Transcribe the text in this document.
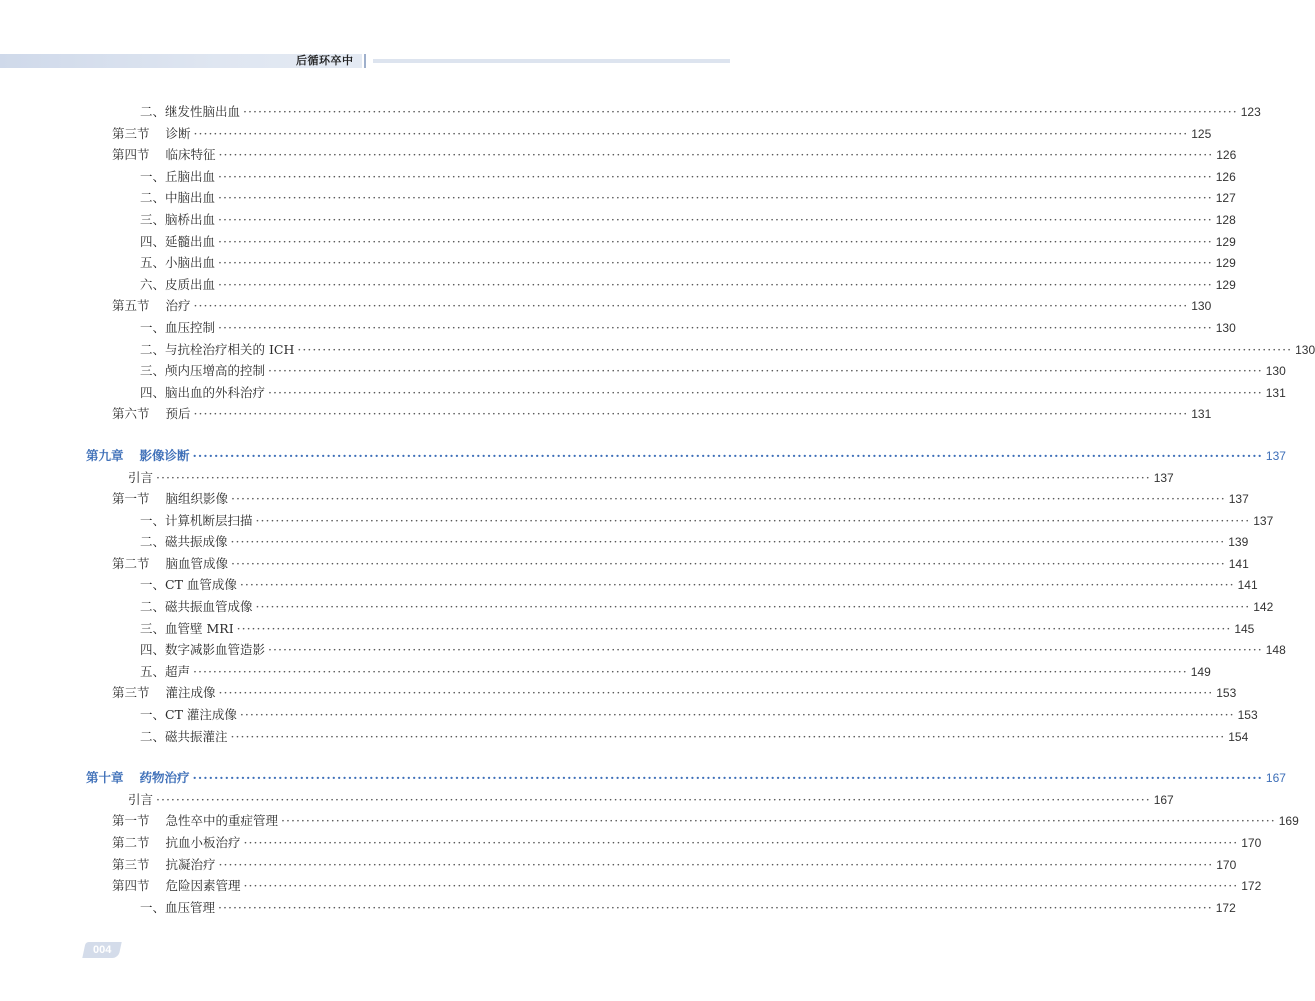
后循环卒中
二、 继发性脑出血 ········································································································································································································ 123
第三节 诊断 ········································································································································································································ 125
第四节 临床特征 ········································································································································································································ 126
一、 丘脑出血 ········································································································································································································ 126
二、 中脑出血 ········································································································································································································ 127
三、 脑桥出血 ········································································································································································································ 128
四、 延髓出血 ········································································································································································································ 129
五、 小脑出血 ········································································································································································································ 129
六、 皮质出血 ········································································································································································································ 129
第五节 治疗 ········································································································································································································ 130
一、 血压控制 ········································································································································································································ 130
二、 与抗栓治疗相关的 ICH ········································································································································································································ 130
三、 颅内压增高的控制 ········································································································································································································ 130
四、 脑出血的外科治疗 ········································································································································································································ 131
第六节 预后 ········································································································································································································ 131
第九章 影像诊断 ········································································································································································································ 137
引言 ········································································································································································································ 137
第一节 脑组织影像 ········································································································································································································ 137
一、 计算机断层扫描 ········································································································································································································ 137
二、 磁共振成像 ········································································································································································································ 139
第二节 脑血管成像 ········································································································································································································ 141
一、 CT 血管成像 ········································································································································································································ 141
二、 磁共振血管成像 ········································································································································································································ 142
三、 血管壁 MRI ········································································································································································································ 145
四、 数字减影血管造影 ········································································································································································································ 148
五、 超声 ········································································································································································································ 149
第三节 灌注成像 ········································································································································································································ 153
一、 CT 灌注成像 ········································································································································································································ 153
二、 磁共振灌注 ········································································································································································································ 154
第十章 药物治疗 ········································································································································································································ 167
引言 ········································································································································································································ 167
第一节 急性卒中的重症管理 ········································································································································································································ 169
第二节 抗血小板治疗 ········································································································································································································ 170
第三节 抗凝治疗 ········································································································································································································ 170
第四节 危险因素管理 ········································································································································································································ 172
一、 血压管理 ········································································································································································································ 172
004
